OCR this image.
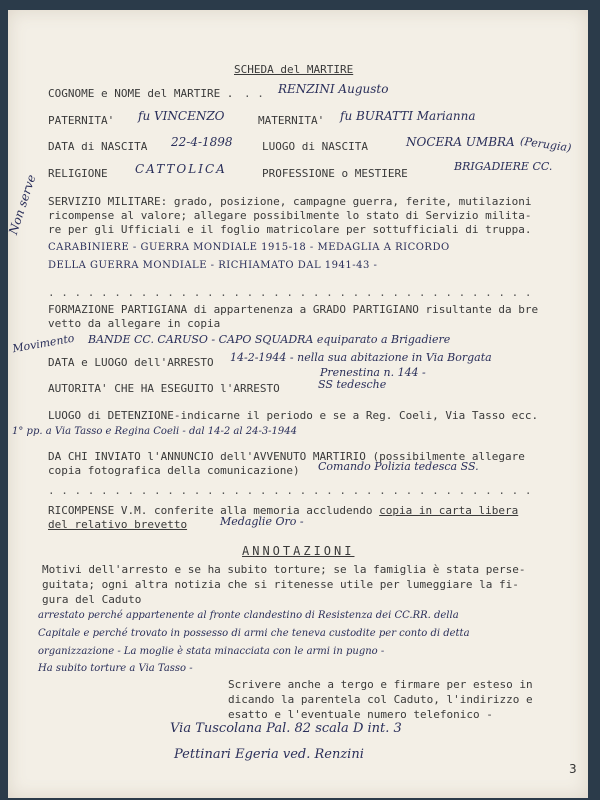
SCHEDA del MARTIRE
COGNOME e NOME del MARTIRE . . . RENZINI Augusto
PATERNITA' fu VINCENZO	MATERNITA' fu BURATTI Marianna
DATA di NASCITA 22-4-1898	LUOGO di NASCITA	NOCERA UMBRA (Perugia)
RELIGIONE CATTOLICA	PROFESSIONE o MESTIERE
BRIGADIERE CC.
SERVIZIO MILITARE: grado, posizione, campagne guerra, ferite, mutilazioni
ricompense al valore; allegare possibilmente lo stato di Servizio milita-
re per gli Ufficiali e il foglio matricolare per sottufficiali di truppa.
Non serve
CARABINIERE - GUERRA MONDIALE 1915-18 - MEDAGLIA A RICORDO
DELLA GUERRA MONDIALE - RICHIAMATO DAL 1941-43 -
. . . . . . . . . . . . . . . . . . . . . . . . . . . . . . . . . . . . .
FORMAZIONE PARTIGIANA di appartenenza a GRADO PARTIGIANO risultante da bre
vetto da allegare in copia
Movimento BANDE CC. CARUSO - CAPO SQUADRA equiparato a Brigadiere
DATA e LUOGO dell'ARRESTO 14-2-1944 - nella sua abitazione in Via Borgata
Prenestina n. 144 -
AUTORITA' CHE HA ESEGUITO l'ARRESTO	SS tedesche
LUOGO di DETENZIONE-indicarne il periodo e se a Reg. Coeli, Via Tasso ecc.
1° pp. a Via Tasso e Regina Coeli - dal 14-2 al 24-3-1944
DA CHI INVIATO l'ANNUNCIO dell'AVVENUTO MARTIRIO (possibilmente allegare
copia fotografica della comunicazione) Comando Polizia tedesca SS.
. . . . . . . . . . . . . . . . . . . . . . . . . . . . . . . . . . . . .
RICOMPENSE V.M. conferite alla memoria accludendo copia in carta libera
del relativo brevetto	Medaglie Oro -
ANNOTAZIONI
Motivi dell'arresto e se ha subito torture; se la famiglia è stata perse-
guitata; ogni altra notizia che si ritenesse utile per lumeggiare la fi-
gura del Caduto
arrestato perché appartenente al fronte clandestino di Resistenza dei CC.RR. della
Capitale e perché trovato in possesso di armi che teneva custodite per conto di detta
organizzazione - La moglie è stata minacciata con le armi in pugno -
Ha subito torture a Via Tasso -
Scrivere anche a tergo e firmare per esteso in
dicando la parentela col Caduto, l'indirizzo e
esatto e l'eventuale numero telefonico -
Via Tuscolana Pal. 82 scala D int. 3
Pettinari Egeria ved. Renzini
3
